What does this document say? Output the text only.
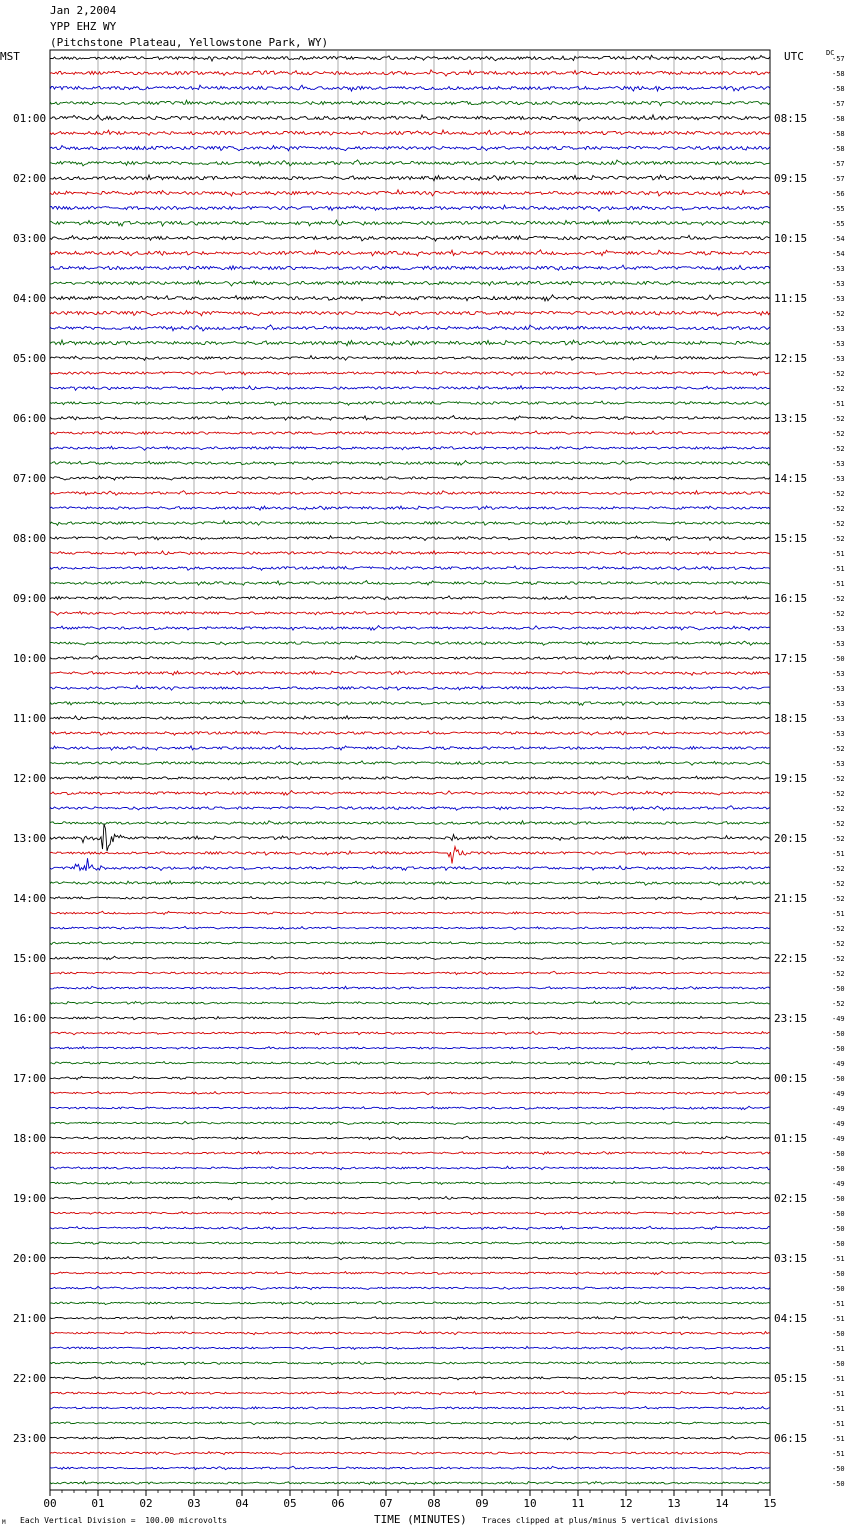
Jan 2,2004
YPP EHZ WY
(Pitchstone Plateau, Yellowstone Park, WY)
MST	UTC	DC
-57
-58
-58
-57
-58
-58
-58
-57
-57
-56
-55
-55
-54
-54
-53
-53
-53
-52
-53
-53
-53
-52
-52
-51
-52
-52
-52
-53
-53
-52
-52
-52
-52
-51
-51
-51
-52
-52
-53
-53
-50
-53
-53
-53
-53
-53
-52
-53
-52
-52
-52
-52
-52
-51
-52
-52
-52
-51
-52
-52
-52
-52
-50
-52
-49
-50
-50
-49
-50
-49
-49
-49
-49
-50
-50
-49
-50
-50
-50
-50
-51
-50
-50
-51
-51
-50
-51
-50
-51
-51
-51
-51
-51
-51
-50
-50
01:00
02:00
03:00
04:00
05:00
06:00
07:00
08:00
09:00
10:00
11:00
12:00
13:00
14:00
15:00
16:00
17:00
18:00
19:00
20:00
21:00
22:00
23:00
08:15
09:15
10:15
11:15
12:15
13:15
14:15
15:15
16:15
17:15
18:15
19:15
20:15
21:15
22:15
23:15
00:15
01:15
02:15
03:15
04:15
05:15
06:15
00	01	02	03	04	05	06	07	08	09	10	11	12	13	14	15
M Each Vertical Division =  100.00 microvolts	TIME (MINUTES) Traces clipped at plus/minus 5 vertical divisions
